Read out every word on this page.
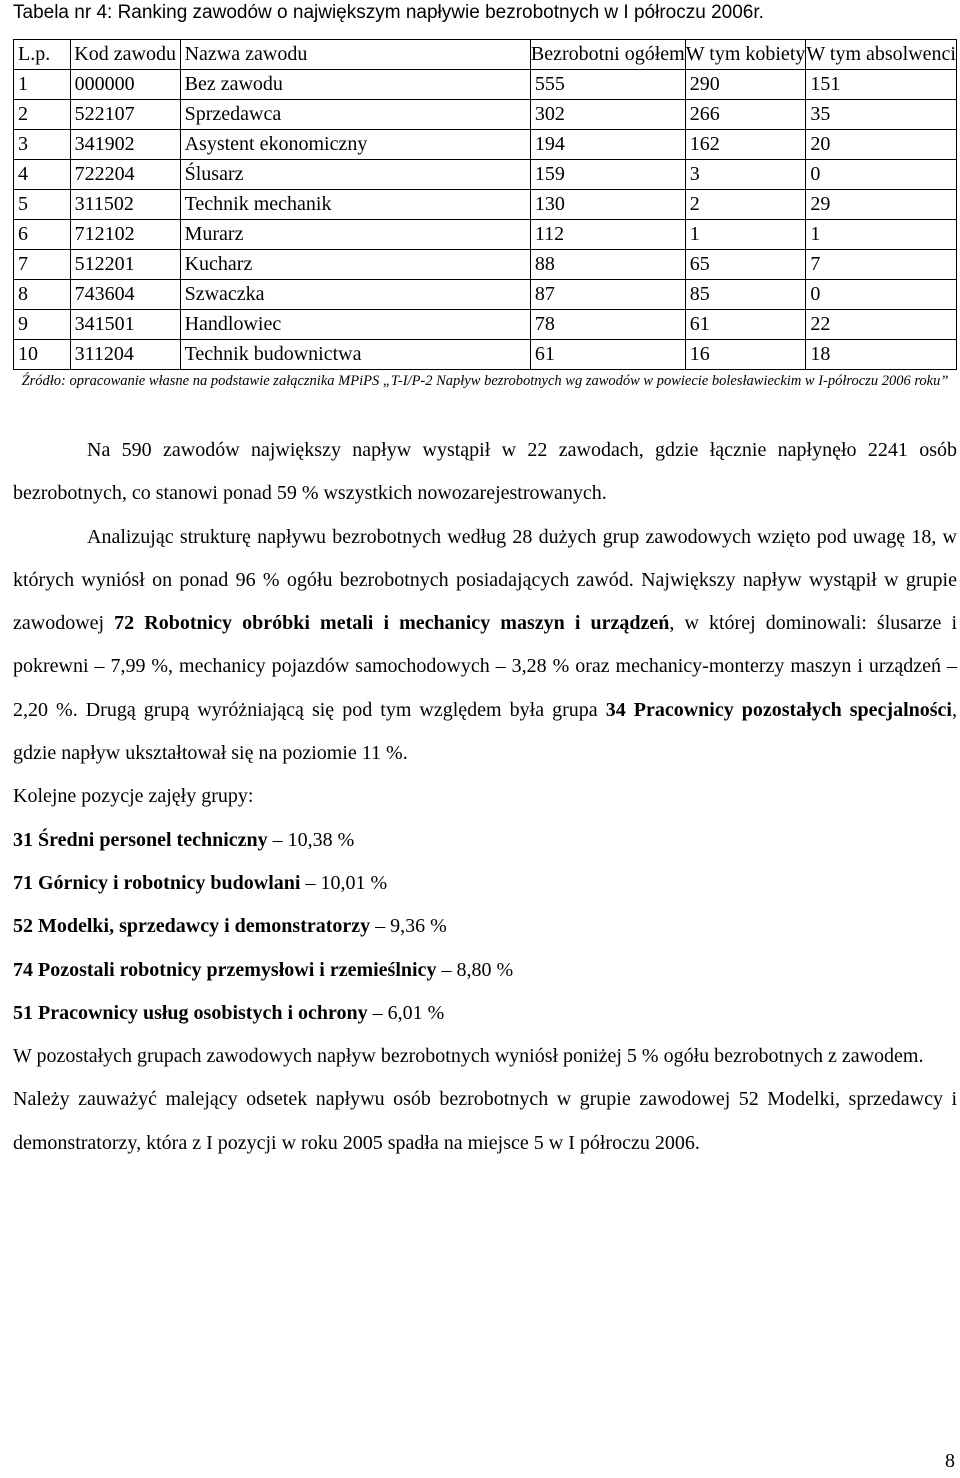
Tabela nr 4: Ranking zawodów o największym napływie bezrobotnych w I półroczu 2006r.
L.p.	Kod zawodu	Nazwa zawodu	Bezrobotni ogółem	W tym kobiety	W tym absolwenci
1	000000	Bez zawodu	555	290	151
2	522107	Sprzedawca	302	266	35
3	341902	Asystent ekonomiczny	194	162	20
4	722204	Ślusarz	159	3	0
5	311502	Technik mechanik	130	2	29
6	712102	Murarz	112	1	1
7	512201	Kucharz	88	65	7
8	743604	Szwaczka	87	85	0
9	341501	Handlowiec	78	61	22
10	311204	Technik budownictwa	61	16	18
Źródło: opracowanie własne na podstawie załącznika MPiPS „T-I/P-2 Napływ bezrobotnych wg zawodów w powiecie bolesławieckim w I-półroczu 2006 roku”

Na 590 zawodów największy napływ wystąpił w 22 zawodach, gdzie łącznie napłynęło 2241 osób bezrobotnych, co stanowi ponad 59 % wszystkich nowozarejestrowanych.

Analizując strukturę napływu bezrobotnych według 28 dużych grup zawodowych wzięto pod uwagę 18, w których wyniósł on ponad 96 % ogółu bezrobotnych posiadających zawód. Największy napływ wystąpił w grupie zawodowej 72 Robotnicy obróbki metali i mechanicy maszyn i urządzeń, w której dominowali: ślusarze i pokrewni – 7,99 %, mechanicy pojazdów samochodowych – 3,28 % oraz mechanicy-monterzy maszyn i urządzeń – 2,20 %. Drugą grupą wyróżniającą się pod tym względem była grupa 34 Pracownicy pozostałych specjalności, gdzie napływ ukształtował się na poziomie 11 %.

Kolejne pozycje zajęły grupy:

31 Średni personel techniczny – 10,38 %

71 Górnicy i robotnicy budowlani – 10,01 %

52 Modelki, sprzedawcy i demonstratorzy – 9,36 %

74 Pozostali robotnicy przemysłowi i rzemieślnicy – 8,80 %

51 Pracownicy usług osobistych i ochrony – 6,01 %

W pozostałych grupach zawodowych napływ bezrobotnych wyniósł poniżej 5 % ogółu bezrobotnych z zawodem.

Należy zauważyć malejący odsetek napływu osób bezrobotnych w grupie zawodowej 52 Modelki, sprzedawcy i demonstratorzy, która z I pozycji w roku 2005 spadła na miejsce 5 w I półroczu 2006.

8
